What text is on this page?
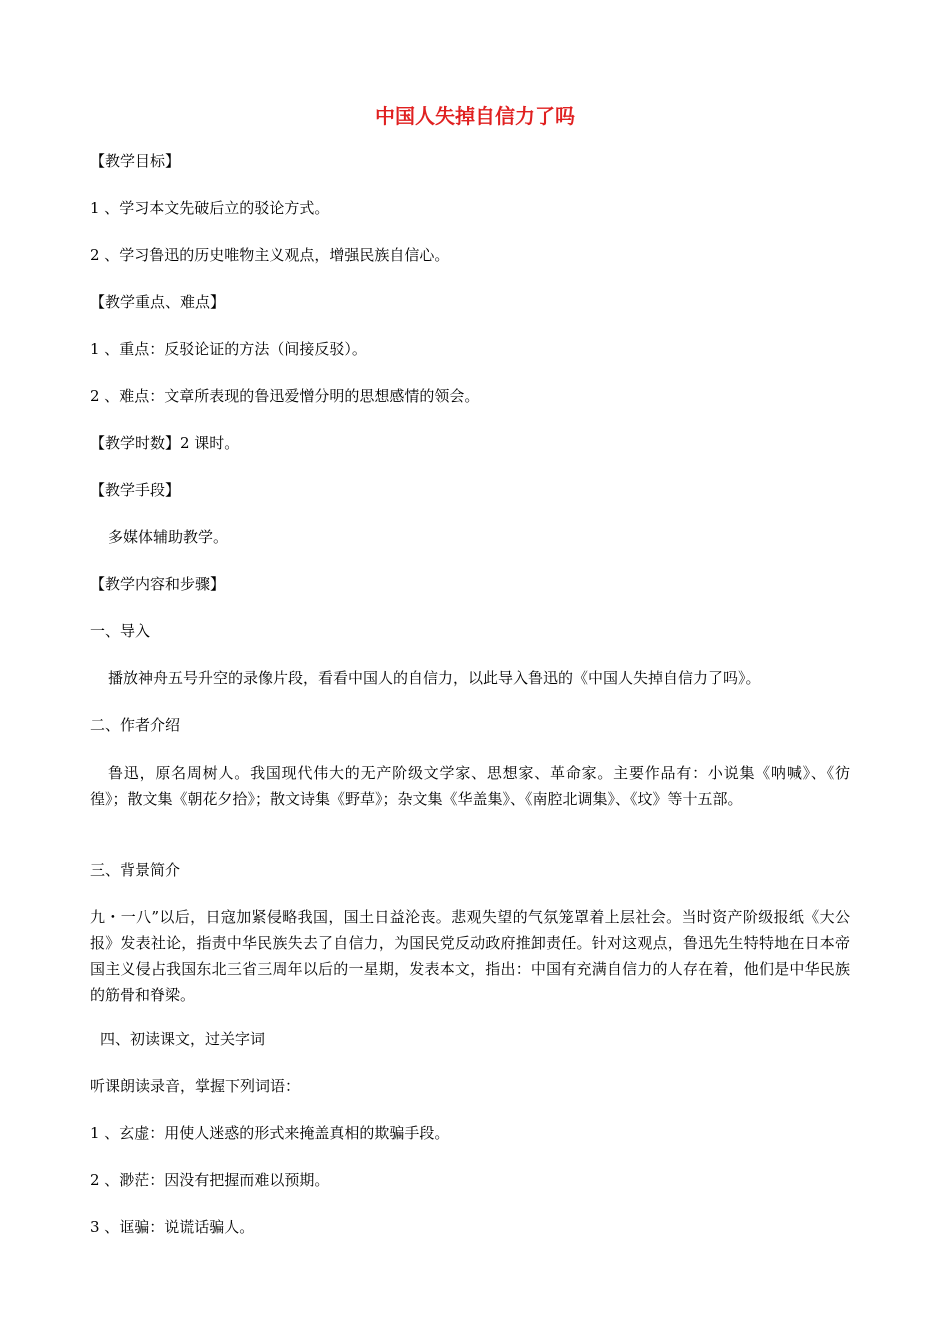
中国人失掉自信力了吗

【教学目标】

1 、学习本文先破后立的驳论方式。

2 、学习鲁迅的历史唯物主义观点，增强民族自信心。

【教学重点、难点】

1 、重点：反驳论证的方法（间接反驳）。

2 、难点：文章所表现的鲁迅爱憎分明的思想感情的领会。

【教学时数】2 课时。

【教学手段】

多媒体辅助教学。

【教学内容和步骤】

一、导入

播放神舟五号升空的录像片段，看看中国人的自信力，以此导入鲁迅的《中国人失掉自信力了吗》。

二、作者介绍

鲁迅，原名周树人。我国现代伟大的无产阶级文学家、思想家、革命家。主要作品有：小说集《呐喊》、《彷徨》；散文集《朝花夕拾》；散文诗集《野草》；杂文集《华盖集》、《南腔北调集》、《坟》等十五部。

三、背景简介

九・一八”以后，日寇加紧侵略我国，国土日益沦丧。悲观失望的气氛笼罩着上层社会。当时资产阶级报纸《大公报》发表社论，指责中华民族失去了自信力，为国民党反动政府推卸责任。针对这观点，鲁迅先生特特地在日本帝国主义侵占我国东北三省三周年以后的一星期，发表本文，指出：中国有充满自信力的人存在着，他们是中华民族的筋骨和脊梁。

四、初读课文，过关字词

听课朗读录音，掌握下列词语：

1 、玄虚：用使人迷惑的形式来掩盖真相的欺骗手段。

2 、渺茫：因没有把握而难以预期。

3 、诓骗：说谎话骗人。
